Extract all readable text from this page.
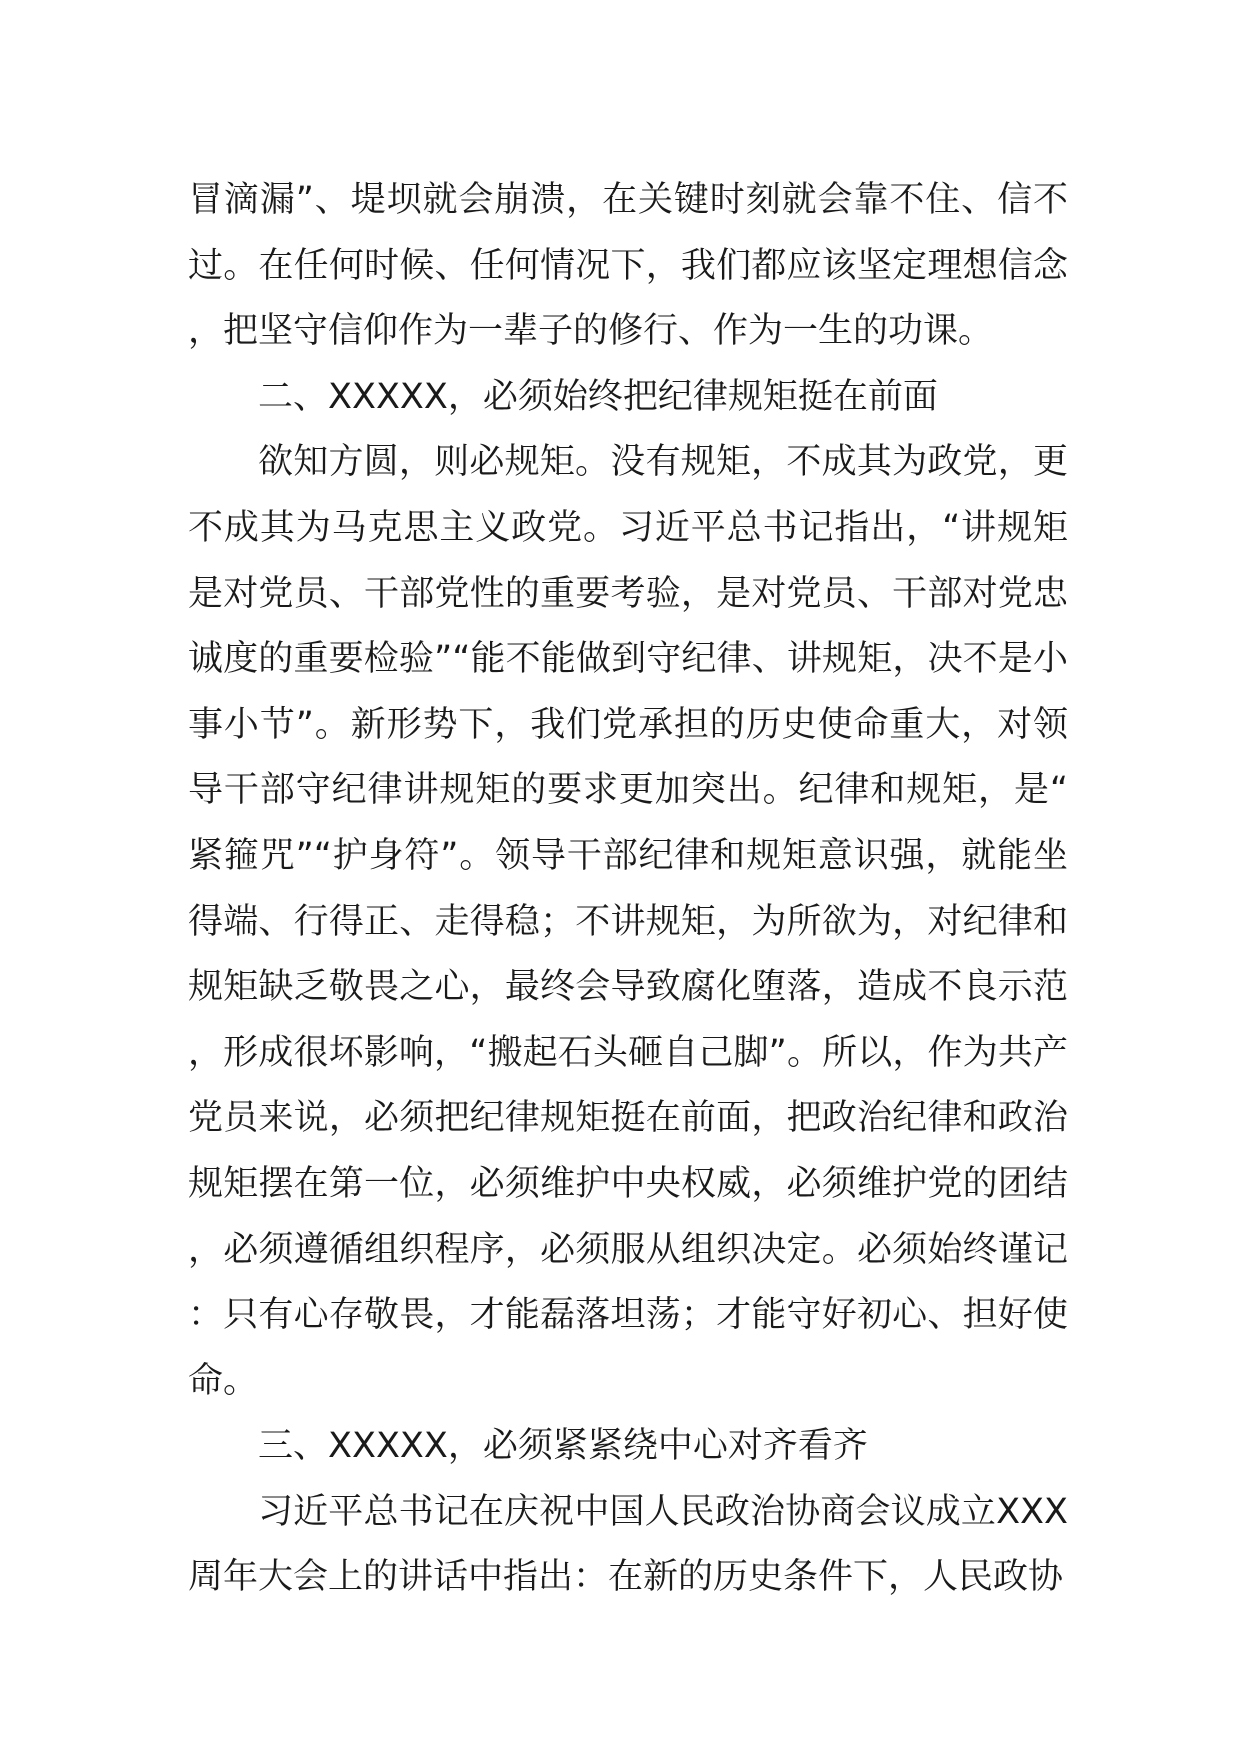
冒滴漏”、堤坝就会崩溃，在关键时刻就会靠不住、信不过。在任何时候、任何情况下，我们都应该坚定理想信念，把坚守信仰作为一辈子的修行、作为一生的功课。

二、XXXXX，必须始终把纪律规矩挺在前面

欲知方圆，则必规矩。没有规矩，不成其为政党，更不成其为马克思主义政党。习近平总书记指出，“讲规矩是对党员、干部党性的重要考验，是对党员、干部对党忠诚度的重要检验”“能不能做到守纪律、讲规矩，决不是小事小节”。新形势下，我们党承担的历史使命重大，对领导干部守纪律讲规矩的要求更加突出。纪律和规矩，是“紧箍咒”“护身符”。领导干部纪律和规矩意识强，就能坐得端、行得正、走得稳；不讲规矩，为所欲为，对纪律和规矩缺乏敬畏之心，最终会导致腐化堕落，造成不良示范，形成很坏影响，“搬起石头砸自己脚”。所以，作为共产党员来说，必须把纪律规矩挺在前面，把政治纪律和政治规矩摆在第一位，必须维护中央权威，必须维护党的团结，必须遵循组织程序，必须服从组织决定。必须始终谨记：只有心存敬畏，才能磊落坦荡；才能守好初心、担好使命。

三、XXXXX，必须紧紧绕中心对齐看齐

习近平总书记在庆祝中国人民政治协商会议成立XXX周年大会上的讲话中指出：在新的历史条件下，人民政协
